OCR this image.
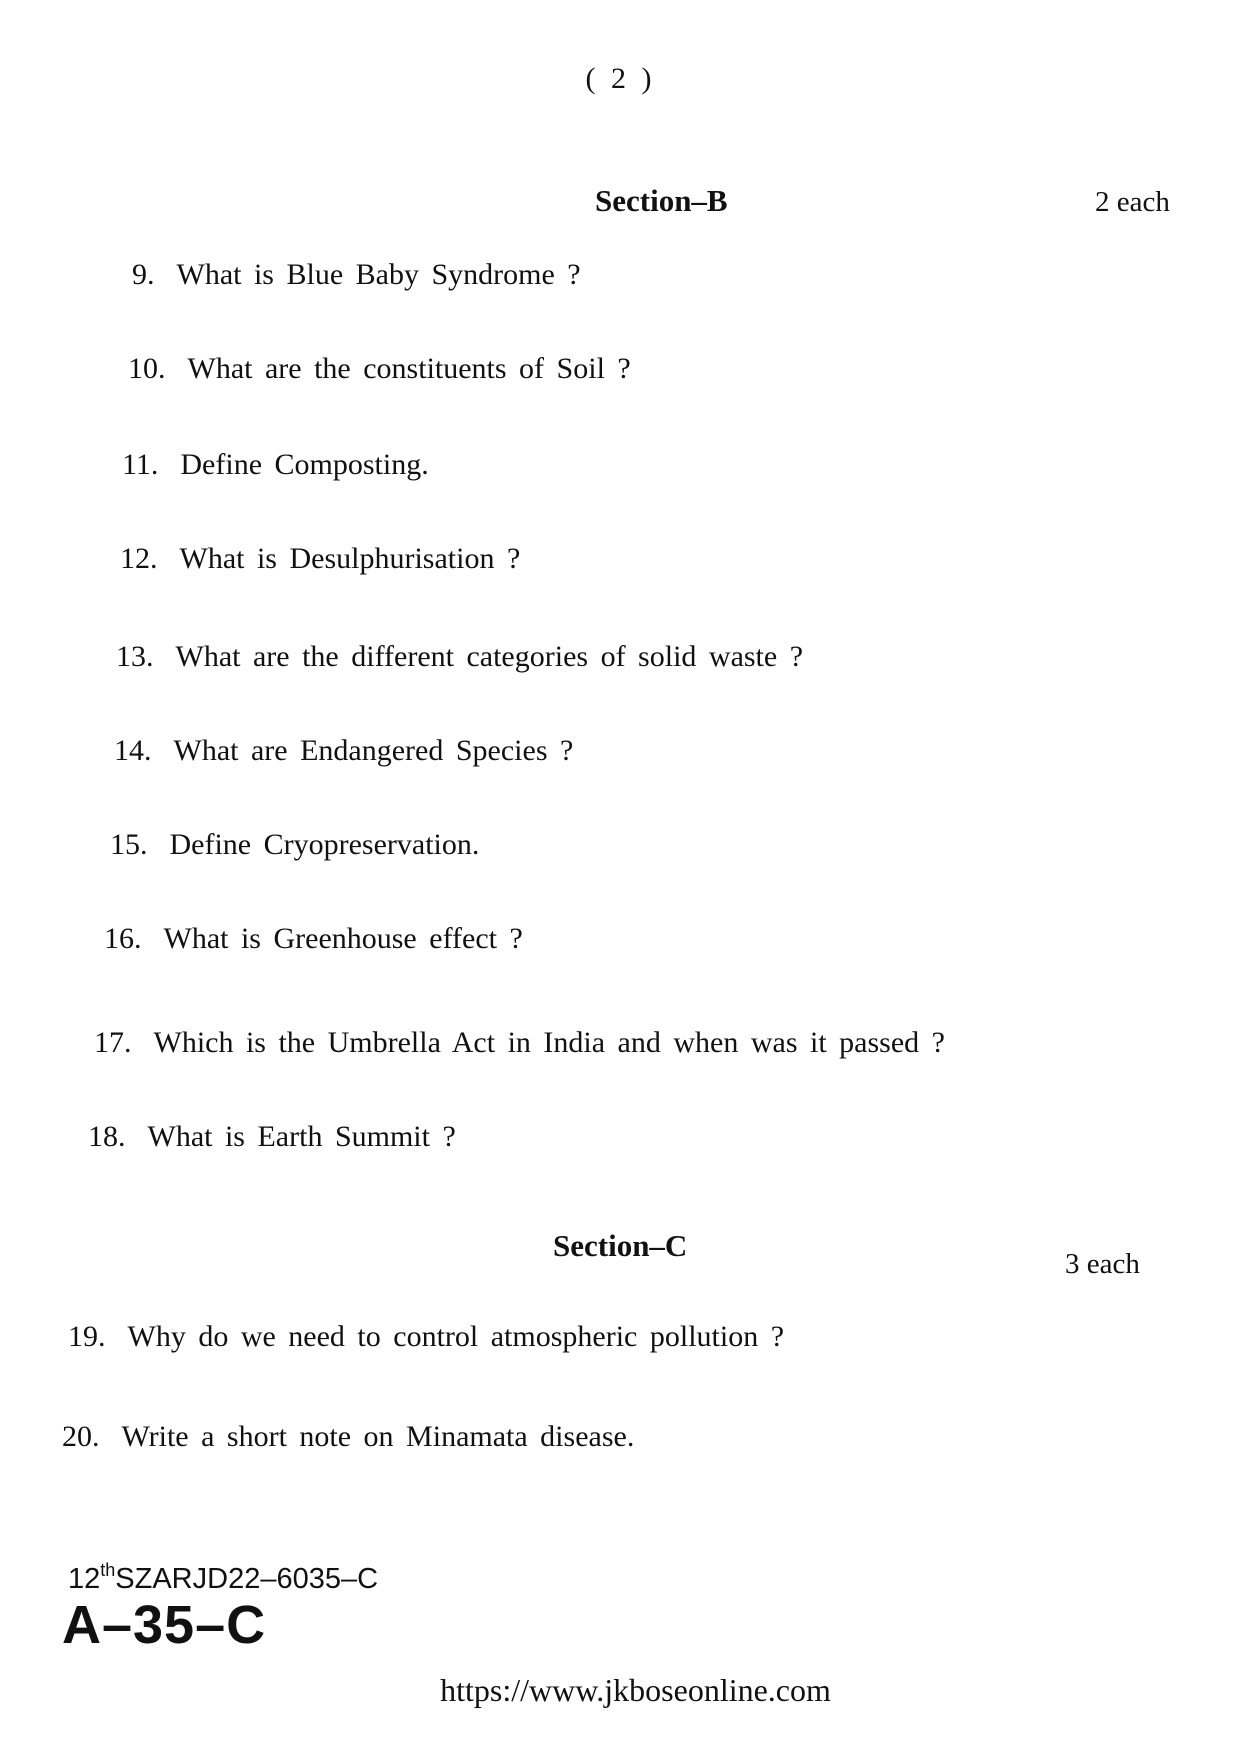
( 2 )
Section–B	2 each
9. What is Blue Baby Syndrome ?
10. What are the constituents of Soil ?
11. Define Composting.
12. What is Desulphurisation ?
13. What are the different categories of solid waste ?
14. What are Endangered Species ?
15. Define Cryopreservation.
16. What is Greenhouse effect ?
17. Which is the Umbrella Act in India and when was it passed ?
18. What is Earth Summit ?
Section–C
3 each
19. Why do we need to control atmospheric pollution ?
20. Write a short note on Minamata disease.
12thSZARJD22–6035–C
A–35–C
https://www.jkboseonline.com
